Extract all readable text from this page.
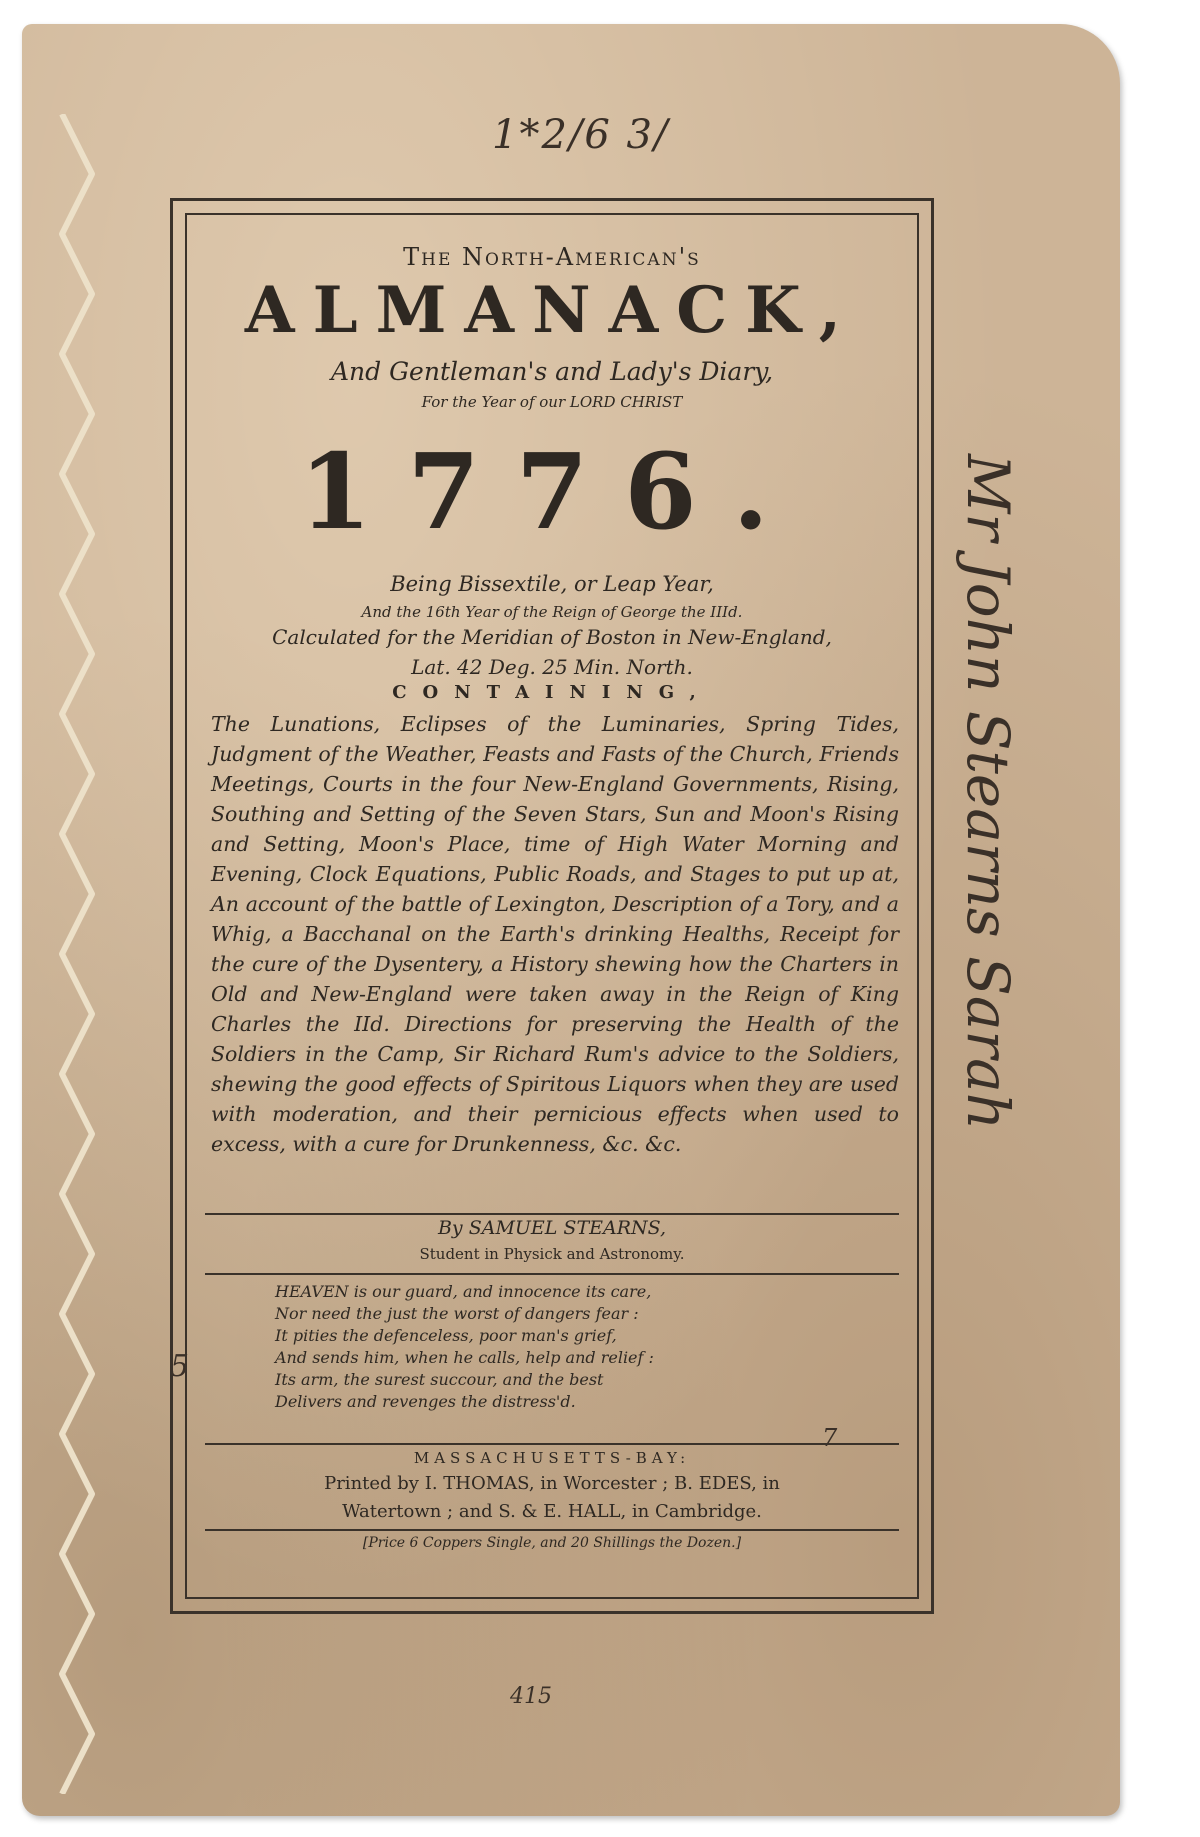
1*2/6 3/
Mr John Stearns Sarah
415
5
7
The North-American's
ALMANACK,
And Gentleman's and Lady's Diary,
For the Year of our LORD CHRIST
1776.
Being Bissextile, or Leap Year,
And the 16th Year of the Reign of George the IIId.
Calculated for the Meridian of Boston in New-England,
Lat. 42 Deg. 25 Min. North.
CONTAINING,
The Lunations, Eclipses of the Luminaries, Spring Tides, Judgment of the Weather, Feasts and Fasts of the Church, Friends Meetings, Courts in the four New-England Governments, Rising, Southing and Setting of the Seven Stars, Sun and Moon's Rising and Setting, Moon's Place, time of High Water Morning and Evening, Clock Equations, Public Roads, and Stages to put up at, An account of the battle of Lexington, Description of a Tory, and a Whig, a Bacchanal on the Earth's drinking Healths, Receipt for the cure of the Dysentery, a History shewing how the Charters in Old and New-England were taken away in the Reign of King Charles the IId. Directions for preserving the Health of the Soldiers in the Camp, Sir Richard Rum's advice to the Soldiers, shewing the good effects of Spiritous Liquors when they are used with moderation, and their pernicious effects when used to excess, with a cure for Drunkenness, &c. &c.
By SAMUEL STEARNS,
Student in Physick and Astronomy.
HEAVEN is our guard, and innocence its care,
Nor need the just the worst of dangers fear :
It pities the defenceless, poor man's grief,
And sends him, when he calls, help and relief :
Its arm, the surest succour, and the best
Delivers and revenges the distress'd.
MASSACHUSETTS-BAY:
Printed by I. THOMAS, in Worcester ; B. EDES, in
Watertown ; and S. & E. HALL, in Cambridge.
[Price 6 Coppers Single, and 20 Shillings the Dozen.]
